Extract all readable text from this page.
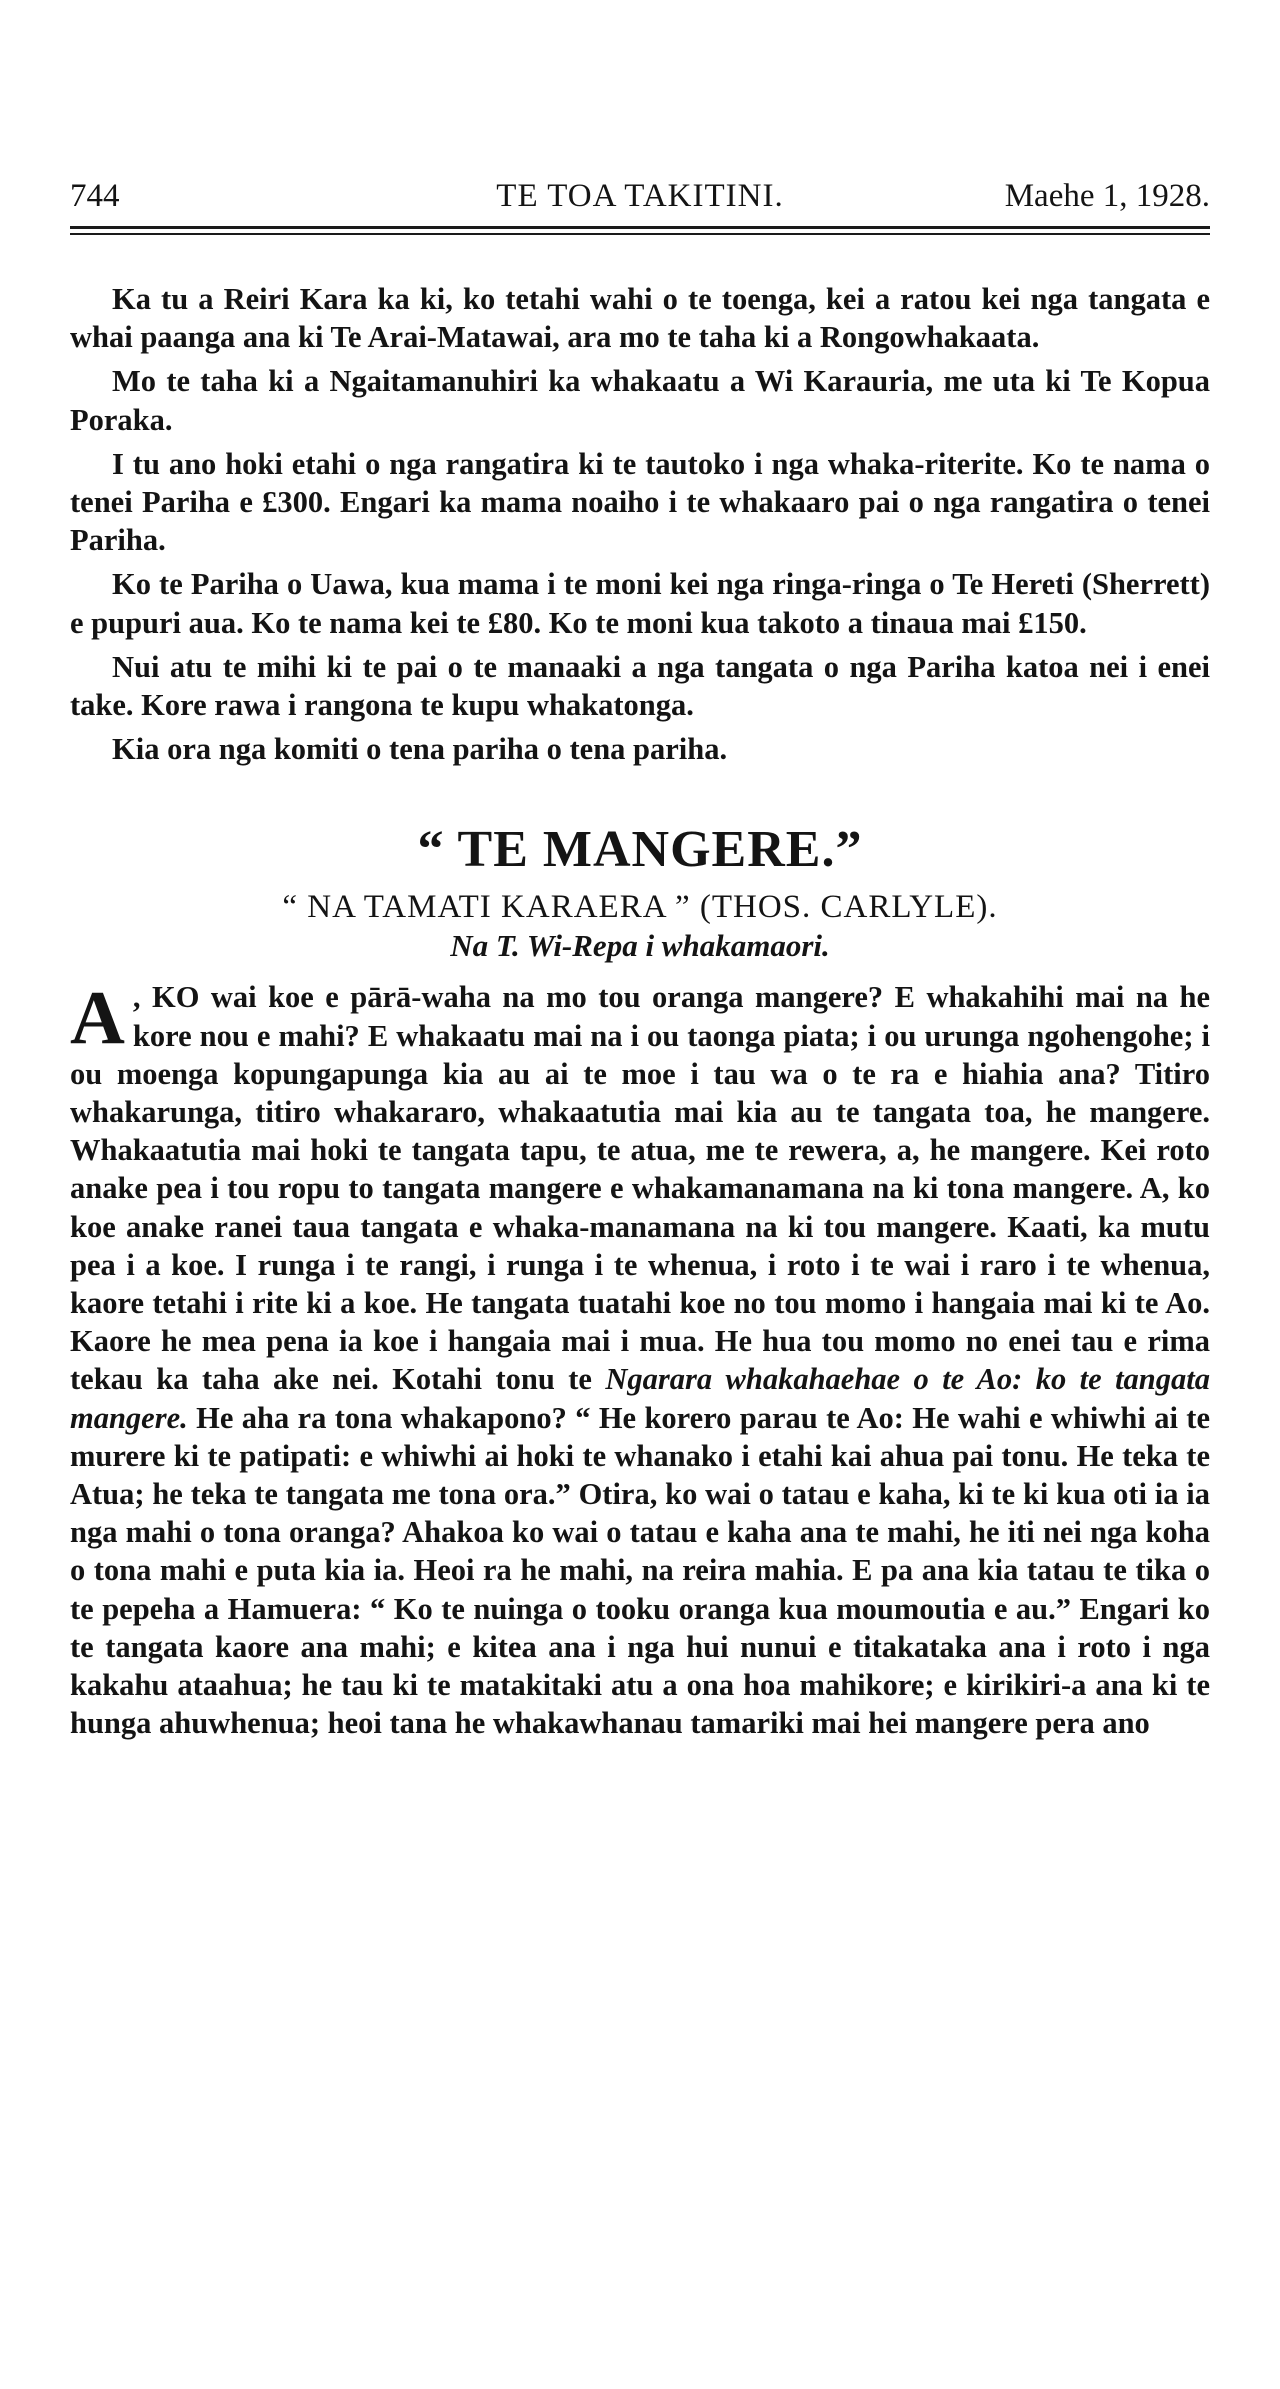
TE TOA TAKITINI.
744	Maehe 1, 1928.

Ka tu a Reiri Kara ka ki, ko tetahi wahi o te toenga, kei a ratou kei nga tangata e whai paanga ana ki Te Arai-Matawai, ara mo te taha ki a Rongowhakaata.

Mo te taha ki a Ngaitamanuhiri ka whakaatu a Wi Karauria, me uta ki Te Kopua Poraka.

I tu ano hoki etahi o nga rangatira ki te tautoko i nga whaka-riterite. Ko te nama o tenei Pariha e £300. Engari ka mama noaiho i te whakaaro pai o nga rangatira o tenei Pariha.

Ko te Pariha o Uawa, kua mama i te moni kei nga ringa-ringa o Te Hereti (Sherrett) e pupuri aua. Ko te nama kei te £80. Ko te moni kua takoto a tinaua mai £150.

Nui atu te mihi ki te pai o te manaaki a nga tangata o nga Pariha katoa nei i enei take. Kore rawa i rangona te kupu whakatonga.

Kia ora nga komiti o tena pariha o tena pariha.

“ TE MANGERE.”
“ NA TAMATI KARAERA ” (THOS. CARLYLE).
Na T. Wi-Repa i whakamaori.

A , KO wai koe e pārā-waha na mo tou oranga mangere? E whakahihi mai na he kore nou e mahi? E whakaatu mai na i ou taonga piata; i ou urunga ngohengohe; i ou moenga kopungapunga kia au ai te moe i tau wa o te ra e hiahia ana? Titiro whakarunga, titiro whakararo, whakaatutia mai kia au te tangata toa, he mangere. Whakaatutia mai hoki te tangata tapu, te atua, me te rewera, a, he mangere. Kei roto anake pea i tou ropu to tangata mangere e whakamanamana na ki tona mangere. A, ko koe anake ranei taua tangata e whaka-manamana na ki tou mangere. Kaati, ka mutu pea i a koe. I runga i te rangi, i runga i te whenua, i roto i te wai i raro i te whenua, kaore tetahi i rite ki a koe. He tangata tuatahi koe no tou momo i hangaia mai ki te Ao. Kaore he mea pena ia koe i hangaia mai i mua. He hua tou momo no enei tau e rima tekau ka taha ake nei. Kotahi tonu te Ngarara whakahaehae o te Ao: ko te tangata mangere. He aha ra tona whakapono? “ He korero parau te Ao: He wahi e whiwhi ai te murere ki te patipati: e whiwhi ai hoki te whanako i etahi kai ahua pai tonu. He teka te Atua; he teka te tangata me tona ora.” Otira, ko wai o tatau e kaha, ki te ki kua oti ia ia nga mahi o tona oranga? Ahakoa ko wai o tatau e kaha ana te mahi, he iti nei nga koha o tona mahi e puta kia ia. Heoi ra he mahi, na reira mahia. E pa ana kia tatau te tika o te pepeha a Hamuera: “ Ko te nuinga o tooku oranga kua moumoutia e au.” Engari ko te tangata kaore ana mahi; e kitea ana i nga hui nunui e titakataka ana i roto i nga kakahu ataahua; he tau ki te matakitaki atu a ona hoa mahikore; e kirikiri-a ana ki te hunga ahuwhenua; heoi tana he whakawhanau tamariki mai hei mangere pera ano
